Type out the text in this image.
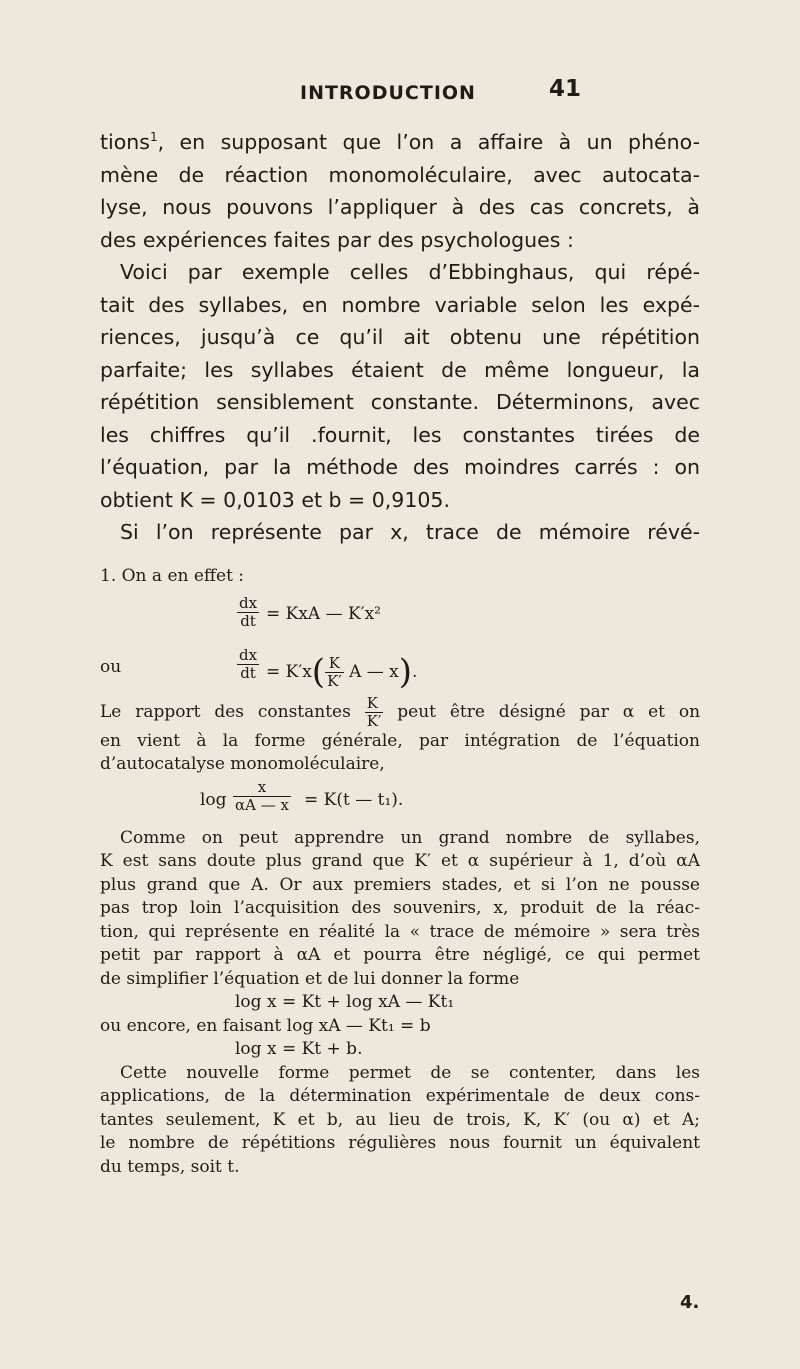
INTRODUCTION	41
tions$^1$, en supposant que l’on a affaire à un phéno-
mène de réaction monomoléculaire, avec autocata-
lyse, nous pouvons l’appliquer à des cas concrets, à
des expériences faites par des psychologues :
Voici par exemple celles d’Ebbinghaus, qui répé-
tait des syllabes, en nombre variable selon les expé-
riences, jusqu’à ce qu’il ait obtenu une répétition
parfaite; les syllabes étaient de même longueur, la
répétition sensiblement constante. Déterminons, avec
les chiffres qu’il .fournit, les constantes tirées de
l’équation, par la méthode des moindres carrés : on
obtient K = 0,0103 et b = 0,9105.
Si l’on représente par x, trace de mémoire révé-
1. On a en effet :
$\frac{dx}{dt}$ = KxA — K′x²
ou	$\frac{dx}{dt} = K'x( \frac{K}{K'}$ A — x).
Le rapport des constantes $\frac{K}{K'}$ peut être désigné par α et on
en vient à la forme générale, par intégration de l’équation
d’autocatalyse monomoléculaire,
$\log \frac{x}{\alpha A — x} = K(t$ — t₁).
Comme on peut apprendre un grand nombre de syllabes,
K est sans doute plus grand que K′ et α supérieur à 1, d’où αA
plus grand que A. Or aux premiers stades, et si l’on ne pousse
pas trop loin l’acquisition des souvenirs, x, produit de la réac-
tion, qui représente en réalité la « trace de mémoire » sera très
petit par rapport à αA et pourra être négligé, ce qui permet
de simplifier l’équation et de lui donner la forme
log x = Kt + log xA — Kt₁
ou encore, en faisant log xA — Kt₁ = b
log x = Kt + b.
Cette nouvelle forme permet de se contenter, dans les
applications, de la détermination expérimentale de deux cons-
tantes seulement, K et b, au lieu de trois, K, K′ (ou α) et A;
le nombre de répétitions régulières nous fournit un équivalent
du temps, soit t.
4.
